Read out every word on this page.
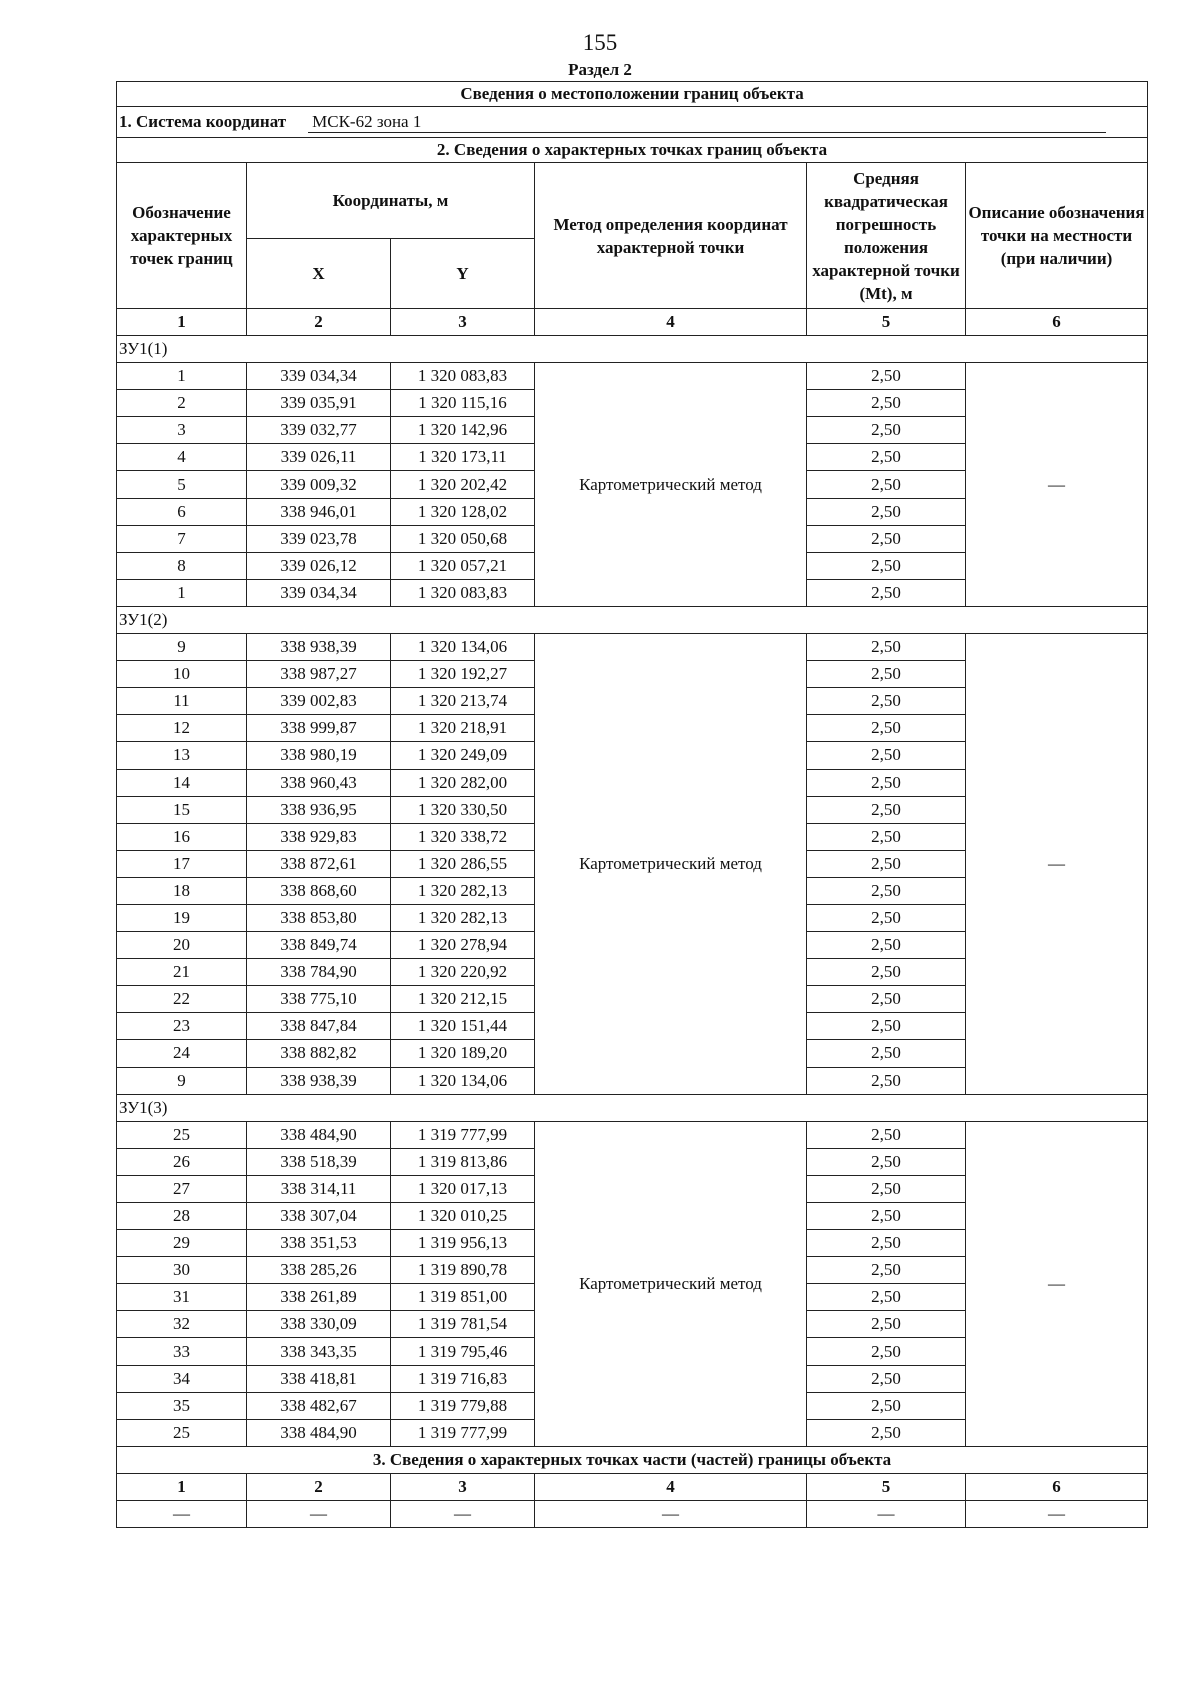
155
Раздел 2
Сведения о местоположении границ объекта					
1. Система координат МСК-62 зона 1					
2. Сведения о характерных точках границ объекта					
Обозначение характерных точек границ	Координаты, м		Метод определения координат характерной точки	Средняя квадратическая погрешность положения характерной точки (Mt), м	Описание обозначения точки на местности (при наличии)
	X	Y			
1	2	3	4	5	6
ЗУ1(1)					
1	339 034,34	1 320 083,83	Картометрический метод	2,50	—
2	339 035,91	1 320 115,16		2,50	
3	339 032,77	1 320 142,96		2,50	
4	339 026,11	1 320 173,11		2,50	
5	339 009,32	1 320 202,42		2,50	
6	338 946,01	1 320 128,02		2,50	
7	339 023,78	1 320 050,68		2,50	
8	339 026,12	1 320 057,21		2,50	
1	339 034,34	1 320 083,83		2,50	
ЗУ1(2)					
9	338 938,39	1 320 134,06	Картометрический метод	2,50	—
10	338 987,27	1 320 192,27		2,50	
11	339 002,83	1 320 213,74		2,50	
12	338 999,87	1 320 218,91		2,50	
13	338 980,19	1 320 249,09		2,50	
14	338 960,43	1 320 282,00		2,50	
15	338 936,95	1 320 330,50		2,50	
16	338 929,83	1 320 338,72		2,50	
17	338 872,61	1 320 286,55		2,50	
18	338 868,60	1 320 282,13		2,50	
19	338 853,80	1 320 282,13		2,50	
20	338 849,74	1 320 278,94		2,50	
21	338 784,90	1 320 220,92		2,50	
22	338 775,10	1 320 212,15		2,50	
23	338 847,84	1 320 151,44		2,50	
24	338 882,82	1 320 189,20		2,50	
9	338 938,39	1 320 134,06		2,50	
ЗУ1(3)					
25	338 484,90	1 319 777,99	Картометрический метод	2,50	—
26	338 518,39	1 319 813,86		2,50	
27	338 314,11	1 320 017,13		2,50	
28	338 307,04	1 320 010,25		2,50	
29	338 351,53	1 319 956,13		2,50	
30	338 285,26	1 319 890,78		2,50	
31	338 261,89	1 319 851,00		2,50	
32	338 330,09	1 319 781,54		2,50	
33	338 343,35	1 319 795,46		2,50	
34	338 418,81	1 319 716,83		2,50	
35	338 482,67	1 319 779,88		2,50	
25	338 484,90	1 319 777,99		2,50	
3. Сведения о характерных точках части (частей) границы объекта					
1	2	3	4	5	6
—	—	—	—	—	—
